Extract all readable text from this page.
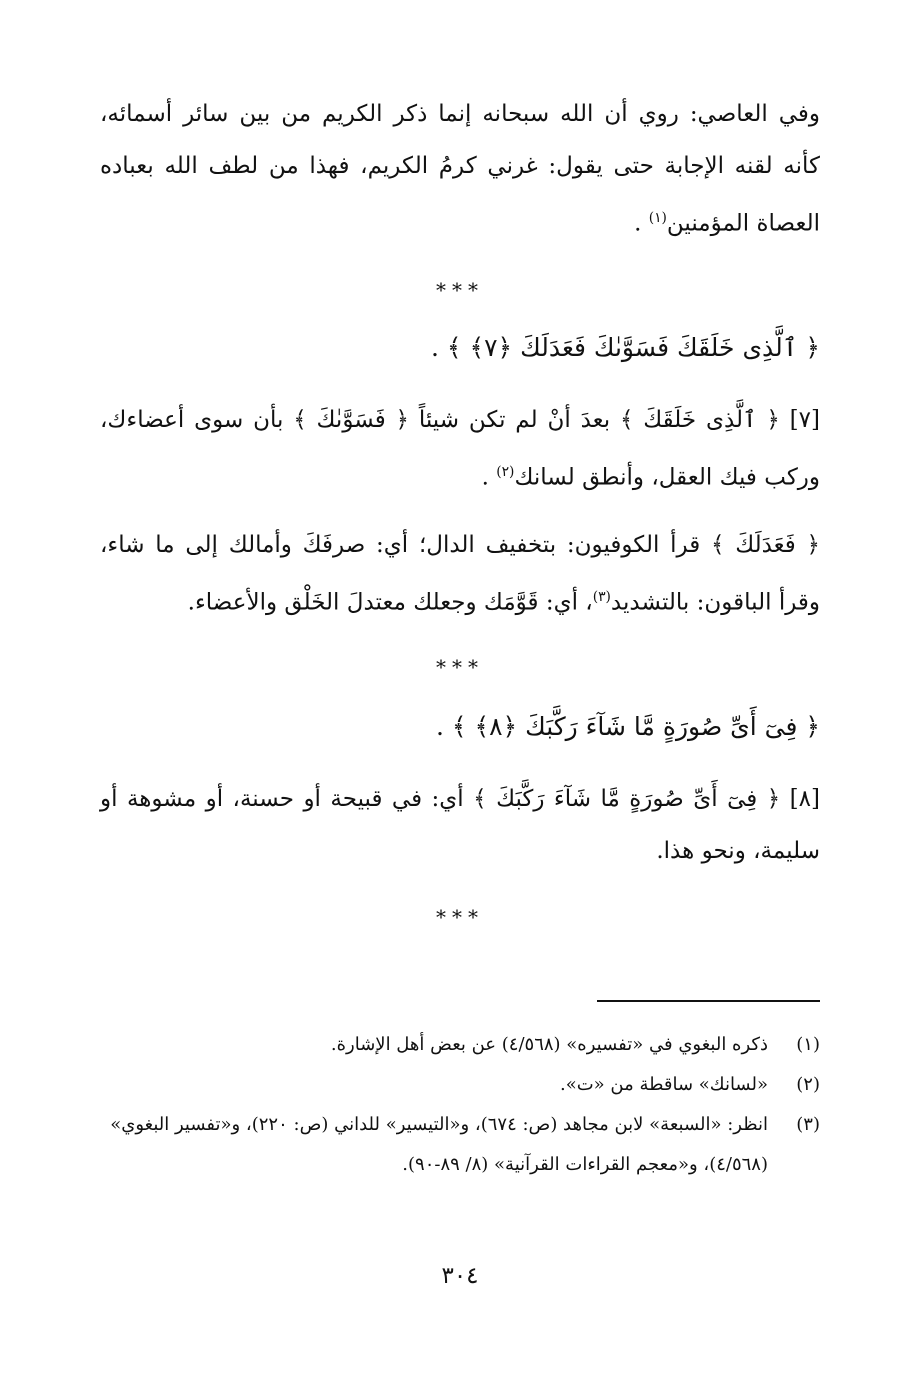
وفي العاصي: روي أن الله سبحانه إنما ذكر الكريم من بين سائر أسمائه، كأنه لقنه الإجابة حتى يقول: غرني كرمُ الكريم، فهذا من لطف الله بعباده العصاة المؤمنين$^{(١)}$ .

***

﴿ ٱلَّذِى خَلَقَكَ فَسَوَّىٰكَ فَعَدَلَكَ ﴿٧﴾ ﴾ .

[٧] ﴿ ٱلَّذِى خَلَقَكَ ﴾ بعدَ أنْ لم تكن شيئاً ﴿ فَسَوَّىٰكَ ﴾ بأن سوى أعضاءك، وركب فيك العقل، وأنطق لسانك$^{(٢)}$ .

﴿ فَعَدَلَكَ ﴾ قرأ الكوفيون: بتخفيف الدال؛ أي: صرفَكَ وأمالك إلى ما شاء، وقرأ الباقون: بالتشديد$^{(٣)}$، أي: قَوَّمَك وجعلك معتدلَ الخَلْق والأعضاء.

***

﴿ فِىٓ أَىِّ صُورَةٍ مَّا شَآءَ رَكَّبَكَ ﴿٨﴾ ﴾ .

[٨] ﴿ فِىٓ أَىِّ صُورَةٍ مَّا شَآءَ رَكَّبَكَ ﴾ أي: في قبيحة أو حسنة، أو مشوهة أو سليمة، ونحو هذا.

***
(١)
ذكره البغوي في «تفسيره» (٤/٥٦٨) عن بعض أهل الإشارة.
(٢)
«لسانك» ساقطة من «ت».
(٣)
انظر: «السبعة» لابن مجاهد (ص: ٦٧٤)، و«التيسير» للداني (ص: ٢٢٠)، و«تفسير البغوي» (٤/٥٦٨)، و«معجم القراءات القرآنية» (٨/ ٨٩-٩٠).
٣٠٤
